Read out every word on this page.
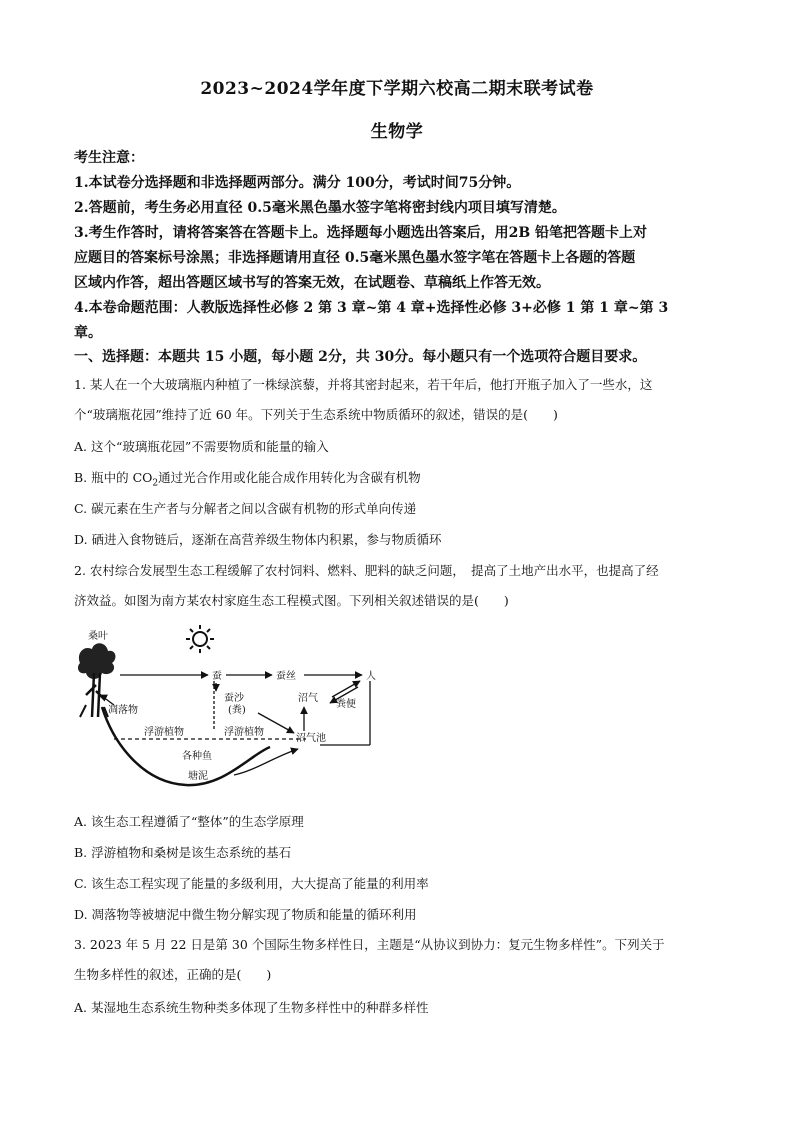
2023~2024学年度下学期六校高二期末联考试卷
生物学
考生注意：
1.本试卷分选择题和非选择题两部分。满分 100分，考试时间75分钟。
2.答题前，考生务必用直径 0.5毫米黑色墨水签字笔将密封线内项目填写清楚。
3.考生作答时，请将答案答在答题卡上。选择题每小题选出答案后，用2B 铅笔把答题卡上对
应题目的答案标号涂黑；非选择题请用直径 0.5毫米黑色墨水签字笔在答题卡上各题的答题
区域内作答，超出答题区域书写的答案无效，在试题卷、草稿纸上作答无效。
4.本卷命题范围：人教版选择性必修 2 第 3 章~第 4 章+选择性必修 3+必修 1 第 1 章~第 3
章。
一、选择题：本题共 15 小题，每小题 2分，共 30分。每小题只有一个选项符合题目要求。
1. 某人在一个大玻璃瓶内种植了一株绿滨藜，并将其密封起来，若干年后，他打开瓶子加入了一些水，这
个“玻璃瓶花园”维持了近 60 年。下列关于生态系统中物质循环的叙述，错误的是(　　)
A. 这个“玻璃瓶花园”不需要物质和能量的输入
B. 瓶中的 $CO_2$通过光合作用或化能合成作用转化为含碳有机物
C. 碳元素在生产者与分解者之间以含碳有机物的形式单向传递
D. 硒进入食物链后，逐渐在高营养级生物体内积累，参与物质循环
2. 农村综合发展型生态工程缓解了农村饲料、燃料、肥料的缺乏问题，　提高了土地产出水平，也提高了经
济效益。如图为南方某农村家庭生态工程模式图。下列相关叙述错误的是(　　)
桑叶
蚕	蚕丝	人
蚕沙
(粪)
沼气
粪便
凋落物
浮游植物	浮游植物
沼气池
各种鱼
塘泥
A. 该生态工程遵循了“整体”的生态学原理
B. 浮游植物和桑树是该生态系统的基石
C. 该生态工程实现了能量的多级利用，大大提高了能量的利用率
D. 凋落物等被塘泥中微生物分解实现了物质和能量的循环利用
3. 2023 年 5 月 22 日是第 30 个国际生物多样性日，主题是“从协议到协力：复元生物多样性”。下列关于
生物多样性的叙述，正确的是(　　)
A. 某湿地生态系统生物种类多体现了生物多样性中的种群多样性
